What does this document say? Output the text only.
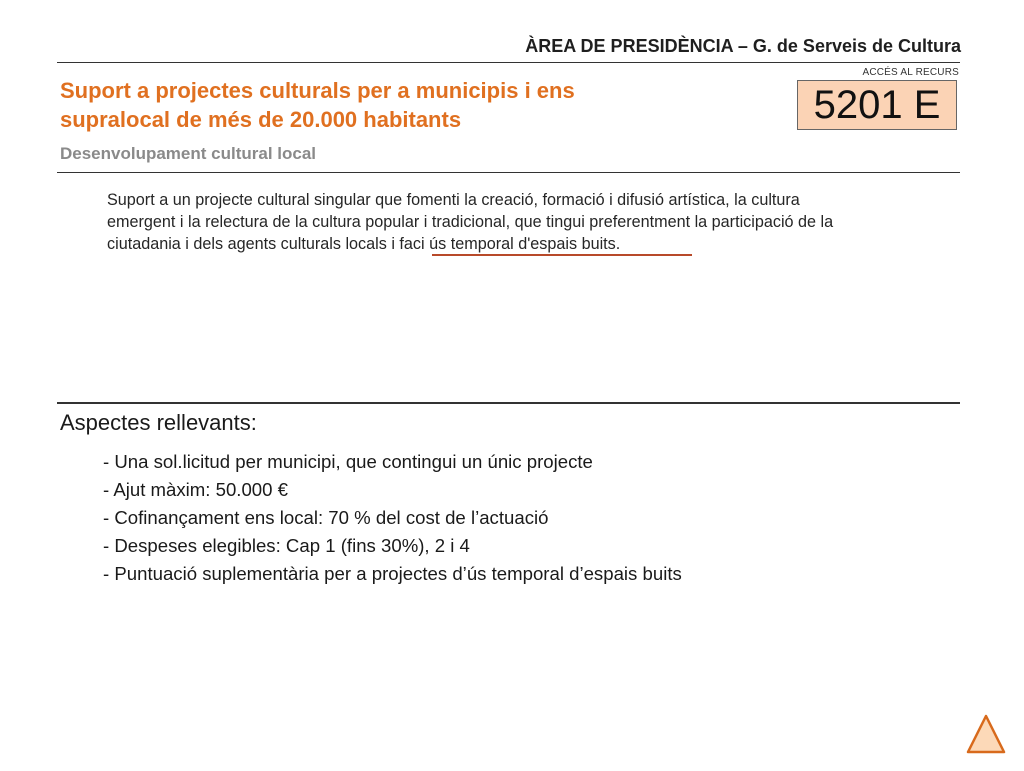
ÀREA DE PRESIDÈNCIA – G. de Serveis de Cultura
Suport a projectes culturals per a municipis i ens
supralocal de més de 20.000 habitants
Desenvolupament cultural local
ACCÉS AL RECURS
5201 E
Suport a un projecte cultural singular que fomenti la creació, formació i difusió artística, la cultura
emergent i la relectura de la cultura popular i tradicional, que tingui preferentment la participació de la
ciutadania i dels agents culturals locals i faci ús temporal d'espais buits.
Aspectes rellevants:
- Una sol.licitud per municipi, que contingui un únic projecte
- Ajut màxim: 50.000 €
- Cofinançament ens local: 70 % del cost de l’actuació
- Despeses elegibles: Cap 1 (fins 30%), 2 i 4
- Puntuació suplementària per a projectes d’ús temporal d’espais buits
